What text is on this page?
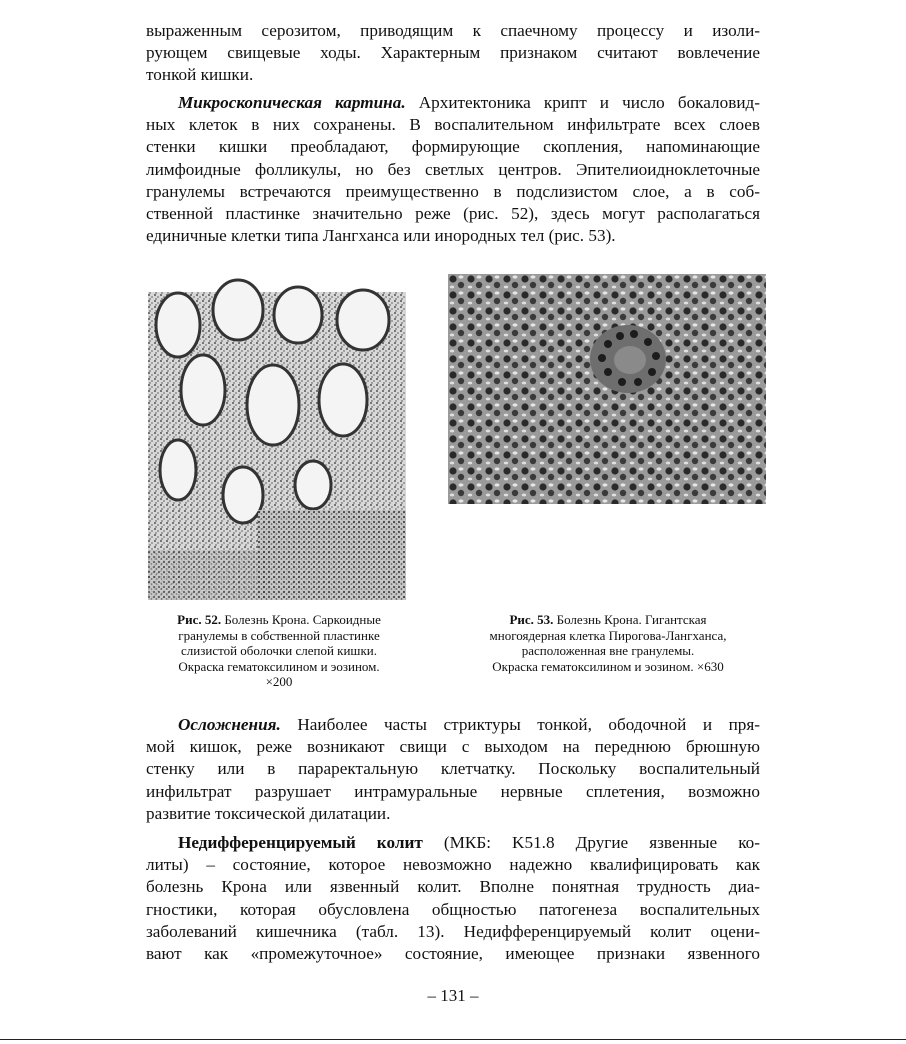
выраженным серозитом, приводящим к спаечному процессу и изоли-
рующем свищевые ходы. Характерным признаком считают вовлечение
тонкой кишки.
Микроскопическая картина. Архитектоника крипт и число бокаловид-
ных клеток в них сохранены. В воспалительном инфильтрате всех слоев
стенки кишки преобладают, формирующие скопления, напоминающие
лимфоидные фолликулы, но без светлых центров. Эпителиоидноклеточные
гранулемы встречаются преимущественно в подслизистом слое, а в соб-
ственной пластинке значительно реже (рис. 52), здесь могут располагаться
единичные клетки типа Лангханса или инородных тел (рис. 53).
Рис. 52. Болезнь Крона. Саркоидные
гранулемы в собственной пластинке
слизистой оболочки слепой кишки.
Окраска гематоксилином и эозином.
×200
Рис. 53. Болезнь Крона. Гигантская
многоядерная клетка Пирогова-Лангханса,
расположенная вне гранулемы.
Окраска гематоксилином и эозином. ×630
Осложнения. Наиболее часты стриктуры тонкой, ободочной и пря-
мой кишок, реже возникают свищи с выходом на переднюю брюшную
стенку или в параректальную клетчатку. Поскольку воспалительный
инфильтрат разрушает интрамуральные нервные сплетения, возможно
развитие токсической дилатации.
Недифференцируемый колит (МКБ: K51.8 Другие язвенные ко-
литы) – состояние, которое невозможно надежно квалифицировать как
болезнь Крона или язвенный колит. Вполне понятная трудность диа-
гностики, которая обусловлена общностью патогенеза воспалительных
заболеваний кишечника (табл. 13). Недифференцируемый колит оцени-
вают как «промежуточное» состояние, имеющее признаки язвенного
– 131 –
